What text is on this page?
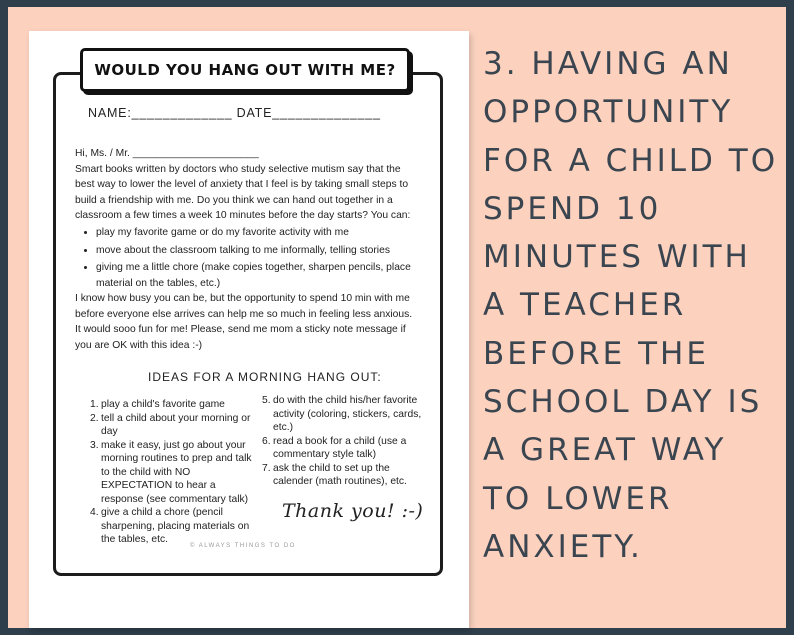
WOULD YOU HANG OUT WITH ME?
NAME:_____________ DATE______________
Hi, Ms. / Mr. ______________________
Smart books written by doctors who study selective mutism say that the best way to lower the level of anxiety that I feel is by taking small steps to build a friendship with me. Do you think we can hand out together in a classroom a few times a week 10 minutes before the day starts? You can:
• play my favorite game or do my favorite activity with me
• move about the classroom talking to me informally, telling stories
• giving me a little chore (make copies together, sharpen pencils, place material on the tables, etc.)
I know how busy you can be, but the opportunity to spend 10 min with me before everyone else arrives can help me so much in feeling less anxious. It would sooo fun for me! Please, send me mom a sticky note message if you are OK with this idea :-)
IDEAS FOR A MORNING HANG OUT:
1. play a child's favorite game
2. tell a child about your morning or day
3. make it easy, just go about your morning routines to prep and talk to the child with NO EXPECTATION to hear a response (see commentary talk)
4. give a child a chore (pencil sharpening, placing materials on the tables, etc.
5. do with the child his/her favorite activity (coloring, stickers, cards, etc.)
6. read a book for a child (use a commentary style talk)
7. ask the child to set up the calender (math routines), etc.
Thank you! :-)
© ALWAYS THINGS TO DO
3. HAVING AN OPPORTUNITY FOR A CHILD TO SPEND 10 MINUTES WITH A TEACHER BEFORE THE SCHOOL DAY IS A GREAT WAY TO LOWER ANXIETY.
